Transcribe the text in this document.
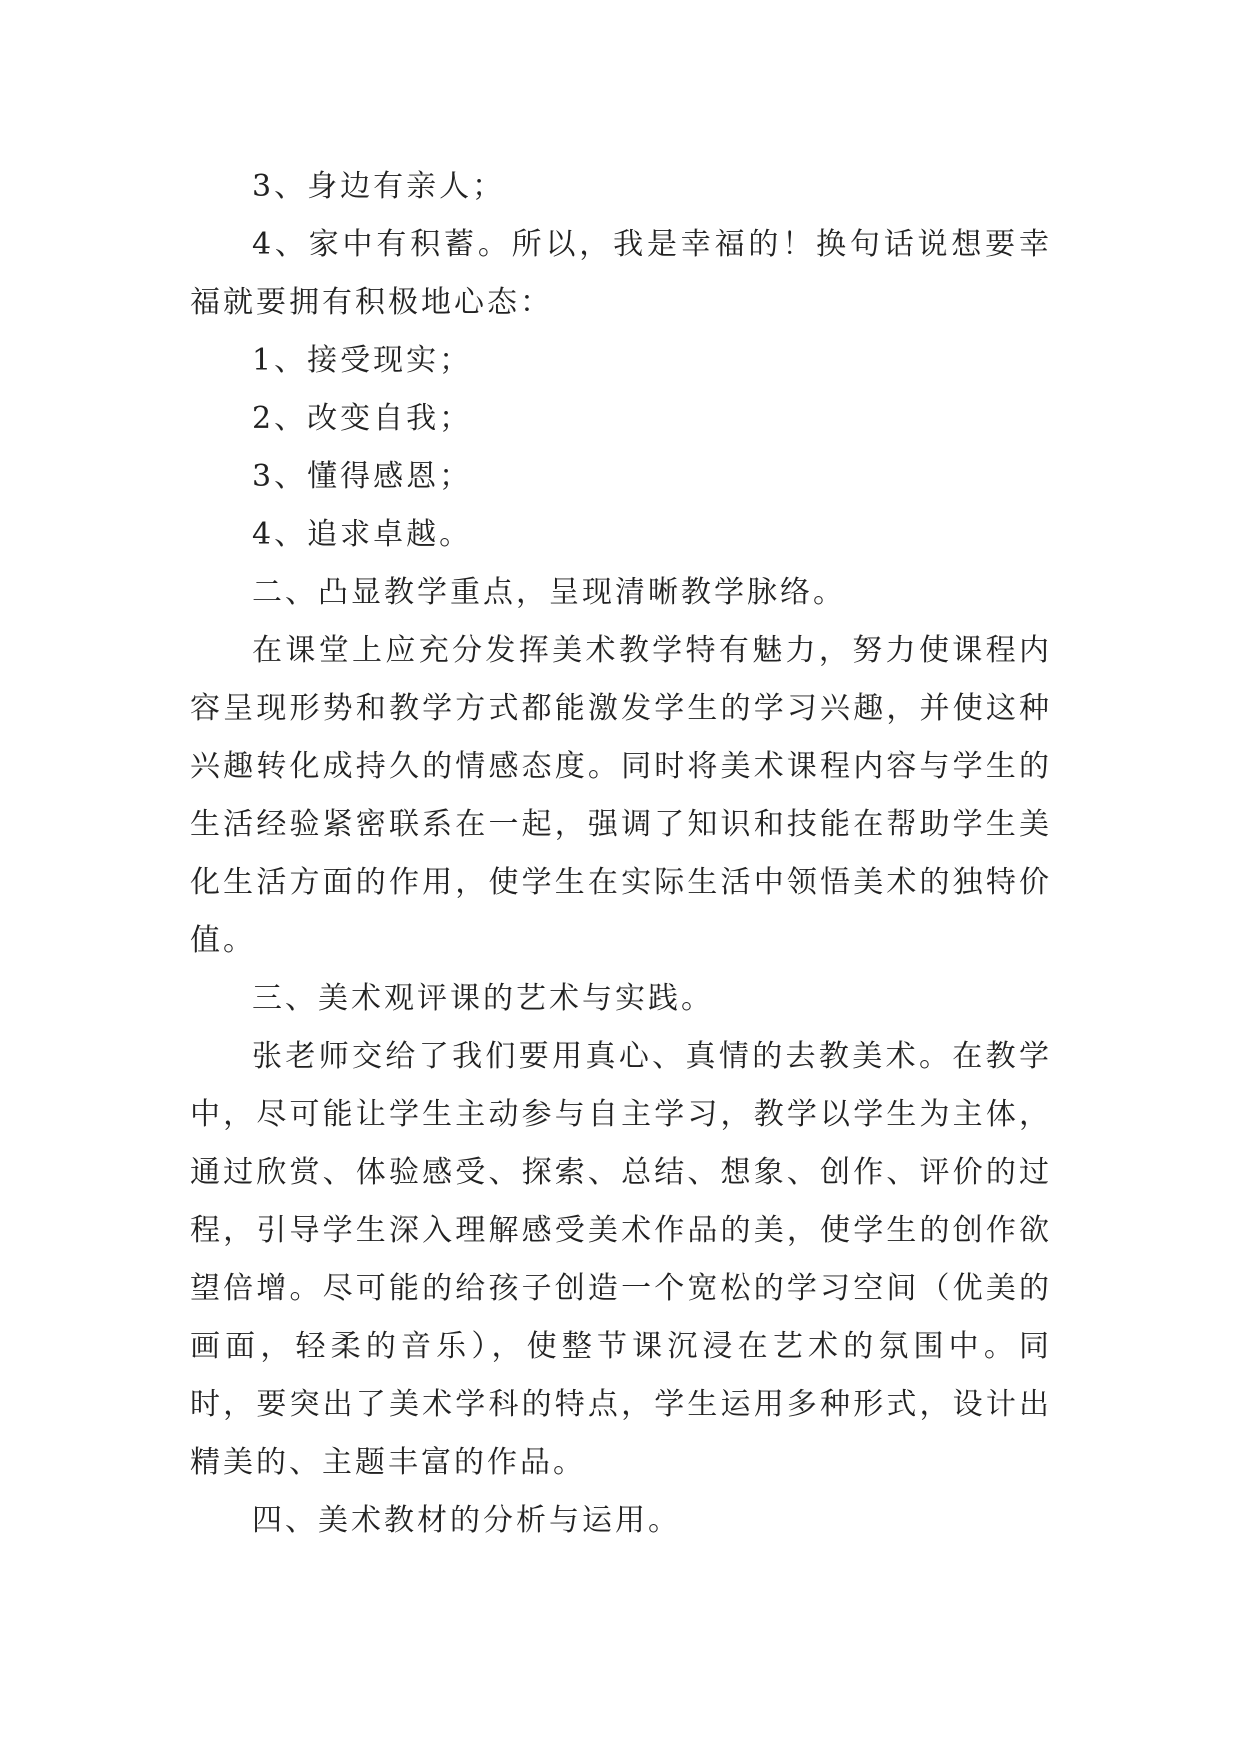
3、身边有亲人；

4、家中有积蓄。所以，我是幸福的！换句话说想要幸福就要拥有积极地心态：

1、接受现实；

2、改变自我；

3、懂得感恩；

4、追求卓越。

二、凸显教学重点，呈现清晰教学脉络。

在课堂上应充分发挥美术教学特有魅力，努力使课程内容呈现形势和教学方式都能激发学生的学习兴趣，并使这种兴趣转化成持久的情感态度。同时将美术课程内容与学生的生活经验紧密联系在一起，强调了知识和技能在帮助学生美化生活方面的作用，使学生在实际生活中领悟美术的独特价值。

三、美术观评课的艺术与实践。

张老师交给了我们要用真心、真情的去教美术。在教学中，尽可能让学生主动参与自主学习，教学以学生为主体，通过欣赏、体验感受、探索、总结、想象、创作、评价的过程，引导学生深入理解感受美术作品的美，使学生的创作欲望倍增。尽可能的给孩子创造一个宽松的学习空间（优美的画面，轻柔的音乐），使整节课沉浸在艺术的氛围中。同时，要突出了美术学科的特点，学生运用多种形式，设计出精美的、主题丰富的作品。

四、美术教材的分析与运用。
